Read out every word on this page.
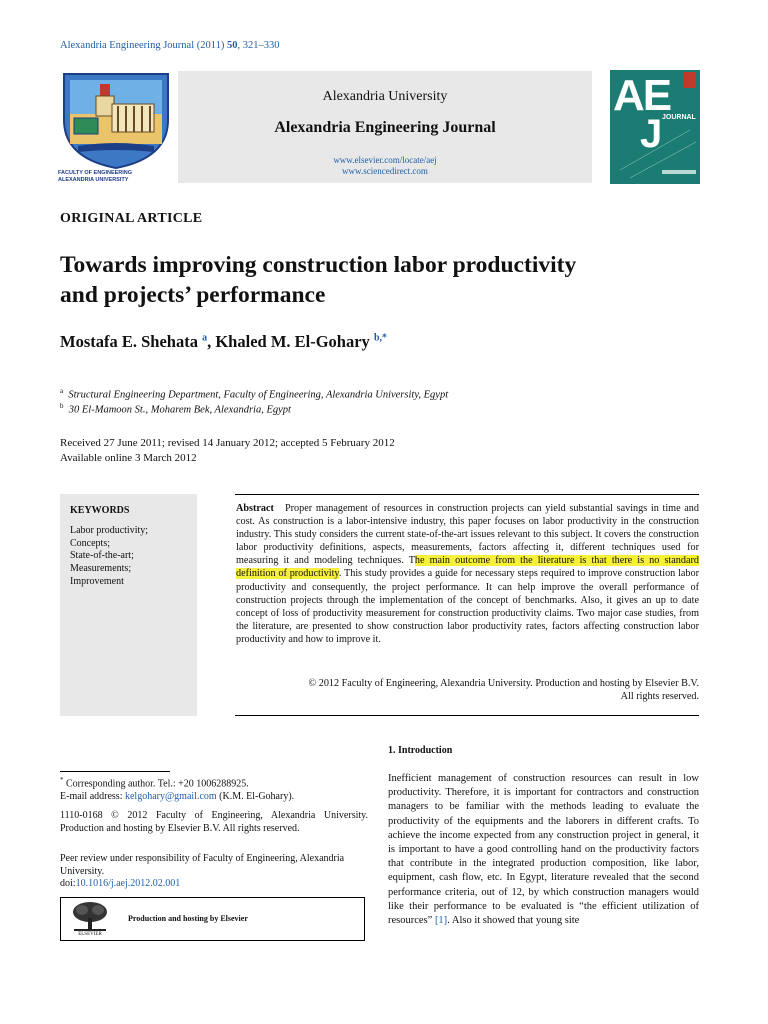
Alexandria Engineering Journal (2011) 50, 321–330
FACULTY OF ENGINEERING
ALEXANDRIA UNIVERSITY
Alexandria University
Alexandria Engineering Journal
www.elsevier.com/locate/aej
www.sciencedirect.com
AE
J JOURNAL
ORIGINAL ARTICLE
Towards improving construction labor productivity
and projects’ performance
Mostafa E. Shehata $^a$, Khaled M. El-Gohary $^{b,*}$
$^a$ Structural Engineering Department, Faculty of Engineering, Alexandria University, Egypt
$^b$ 30 El-Mamoon St., Moharem Bek, Alexandria, Egypt
Received 27 June 2011; revised 14 January 2012; accepted 5 February 2012
Available online 3 March 2012
KEYWORDS
Labor productivity;
Concepts;
State-of-the-art;
Measurements;
Improvement
Abstract Proper management of resources in construction projects can yield substantial savings in time and cost. As construction is a labor-intensive industry, this paper focuses on labor productivity in the construction industry. This study considers the current state-of-the-art issues relevant to this subject. It covers the construction labor productivity definitions, aspects, measurements, factors affecting it, different techniques used for measuring it and modeling techniques. The main outcome from the literature is that there is no standard definition of productivity. This study provides a guide for necessary steps required to improve construction labor productivity and consequently, the project performance. It can help improve the overall performance of construction projects through the implementation of the concept of benchmarks. Also, it gives an up to date concept of loss of productivity measurement for construction productivity claims. Two major case studies, from the literature, are presented to show construction labor productivity rates, factors affecting construction labor productivity and how to improve it.
© 2012 Faculty of Engineering, Alexandria University. Production and hosting by Elsevier B.V.
All rights reserved.
1. Introduction
Inefficient management of construction resources can result in low productivity. Therefore, it is important for contractors and construction managers to be familiar with the methods leading to evaluate the productivity of the equipments and the laborers in different crafts. To achieve the income expected from any construction project in general, it is important to have a good controlling hand on the productivity factors that contribute in the integrated production composition, like labor, equipment, cash flow, etc. In Egypt, literature revealed that the second performance criteria, out of 12, by which construction managers would like their performance to be evaluated is “the efficient utilization of resources” [1]. Also it showed that young site
* Corresponding author. Tel.: +20 1006288925.
E-mail address: kelgohary@gmail.com (K.M. El-Gohary).
1110-0168 © 2012 Faculty of Engineering, Alexandria University. Production and hosting by Elsevier B.V. All rights reserved.
Peer review under responsibility of Faculty of Engineering, Alexandria University.
doi:10.1016/j.aej.2012.02.001
ELSEVIER
Production and hosting by Elsevier
